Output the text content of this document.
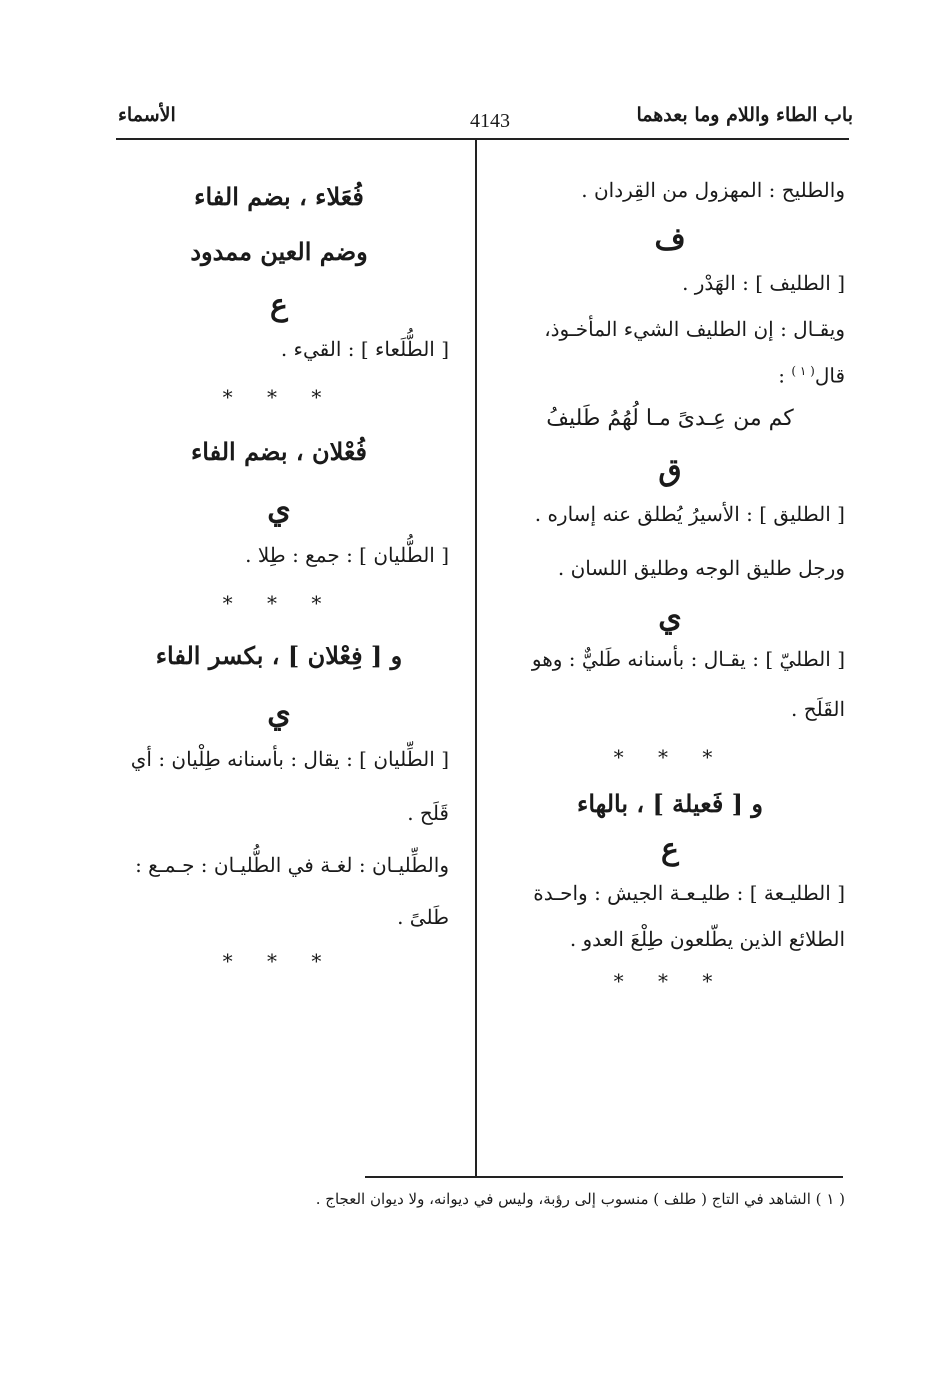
باب الطاء واللام وما بعدهما
4143
الأسماء

والطليح : المهزول من القِردان .

ف

[ الطليف ] : الهَدْر .

ويقـال : إن الطليف الشيء المأخـوذ،

قال$^{( ١ )}$ :

كم من عِـدىً مـا لُهُمُ طَليفُ

ق

[ الطليق ] : الأسيرُ يُطلق عنه إساره .

ورجل طليق الوجه وطليق اللسان .

ي

[ الطليّ ] : يقـال : بأسنانه طَليٌّ : وهو

القَلَح .

* * *

و [ فَعيلة ] ، بالهاء

ع

[ الطليـعة ] : طليـعـة الجيش : واحـدة

الطلائع الذين يطّلعون طِلْعَ العدو .

* * *

فُعَلاء ، بضم الفاء

وضم العين ممدود

ع

[ الطُّلَعاء ] : القيء .

* * *

فُعْلان ، بضم الفاء

ي

[ الطُّليان ] : جمع : طِلا .

* * *

و [ فِعْلان ] ، بكسر الفاء

ي

[ الطِّليان ] : يقال : بأسنانه طِلْيان : أي

قَلَح .

والطِّليـان : لغـة في الطُّليـان : جـمـع :

طَلىً .

* * *

( ١ ) الشاهد في التاج ( طلف ) منسوب إلى رؤبة، وليس في ديوانه، ولا ديوان العجاج .
